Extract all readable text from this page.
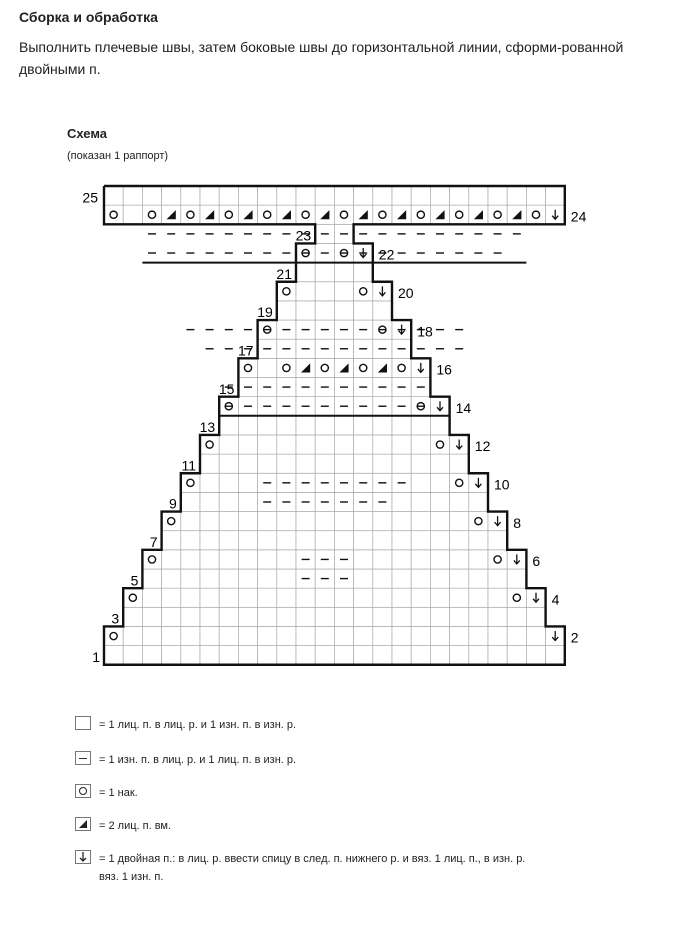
Сборка и обработка
Выполнить плечевые швы, затем боковые швы до горизонтальной линии, сформи-рованной двойными п.
Схема
(показан 1 раппорт)
1
2
3
4
5
6
7
8
9
10
11
12
13
14
15
16
17
18
19
20
21
22
23
24
25
= 1 лиц. п. в лиц. р. и 1 изн. п. в изн. р.
= 1 изн. п. в лиц. р. и 1 лиц. п. в изн. р.
= 1 нак.
= 2 лиц. п. вм.
= 1 двойная п.: в лиц. р. ввести спицу в след. п. нижнего р. и вяз. 1 лиц. п., в изн. р. вяз. 1 изн. п.
